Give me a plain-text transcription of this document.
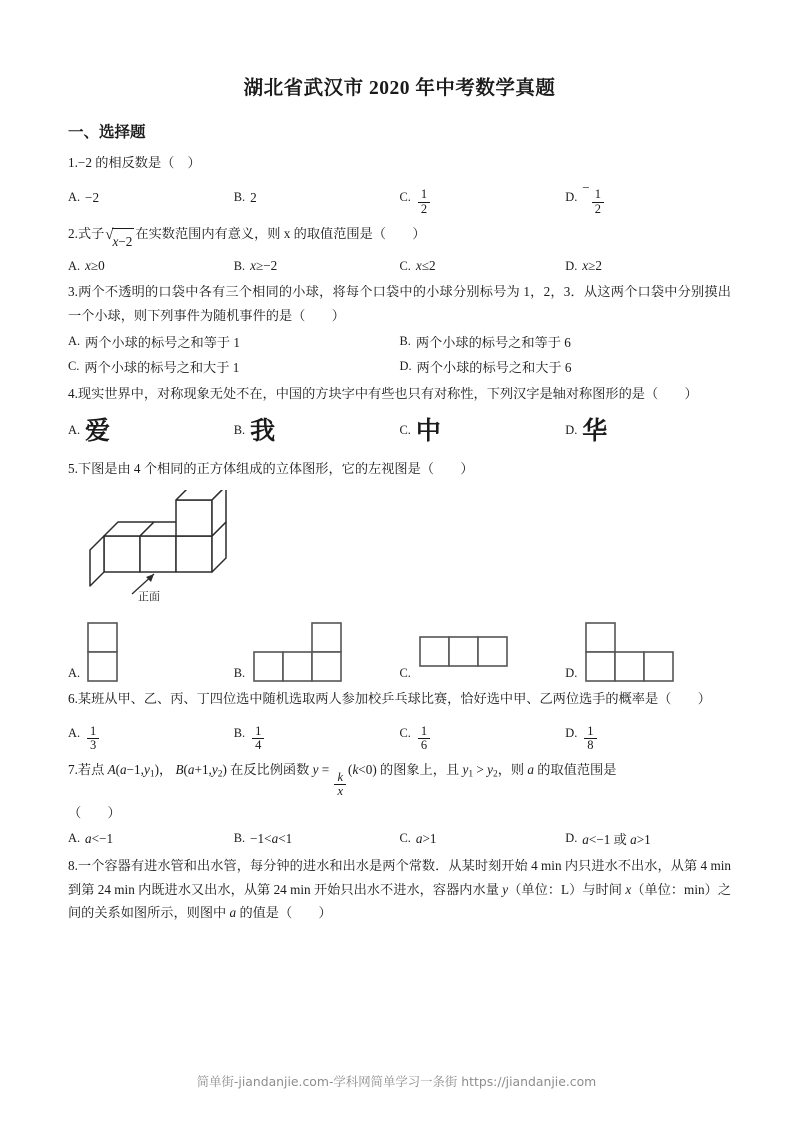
湖北省武汉市 2020 年中考数学真题
一、选择题
1.−2 的相反数是（　）
A. −2	B. 2	C. $\frac{1}{2}$	D.
−
$\frac{1}{2}$
2.式子 √ x−2
在实数范围内有意义，则 x 的取值范围是（　　）
A. x≥0	B. x≥−2	C. x≤2	D. x≥2
3.两个不透明的口袋中各有三个相同的小球，将每个口袋中的小球分别标号为 1，2，3．从这两个口袋中分别摸出一个小球，则下列事件为随机事件的是（　　）
A. 两个小球的标号之和等于 1	B. 两个小球的标号之和等于 6
C. 两个小球的标号之和大于 1	D. 两个小球的标号之和大于 6
4.现实世界中，对称现象无处不在，中国的方块字中有些也只有对称性，下列汉字是轴对称图形的是（　　）
A. 爱	B. 我	C. 中	D. 华
5.下图是由 4 个相同的正方体组成的立体图形，它的左视图是（　　）
正面
A.	B.	C.	D.
6.某班从甲、乙、丙、丁四位选中随机选取两人参加校乒乓球比赛，恰好选中甲、乙两位选手的概率是（　　）
A. $\frac{1}{3}$	B. $\frac{1}{4}$	C. $\frac{1}{6}$	D. $\frac{1}{8}$
7.若点 $A(a-1,y_1)$， $B(a+1,y_2)$ 在反比例函数 y =
$\frac{k}{x}$
(k<0) 的图象上，且 $y_1 > y_2$，则 a 的取值范围是
（　　）
A. a<−1	B. −1<a<1	C. a>1	D. a<−1 或 a>1
8.一个容器有进水管和出水管，每分钟的进水和出水是两个常数．从某时刻开始 4 min 内只进水不出水，从第 4 min 到第 24 min 内既进水又出水，从第 24 min 开始只出水不进水，容器内水量 y（单位：L）与时间 x（单位：min）之间的关系如图所示，则图中 a 的值是（　　）
简单街-jiandanjie.com-学科网简单学习一条街 https://jiandanjie.com
